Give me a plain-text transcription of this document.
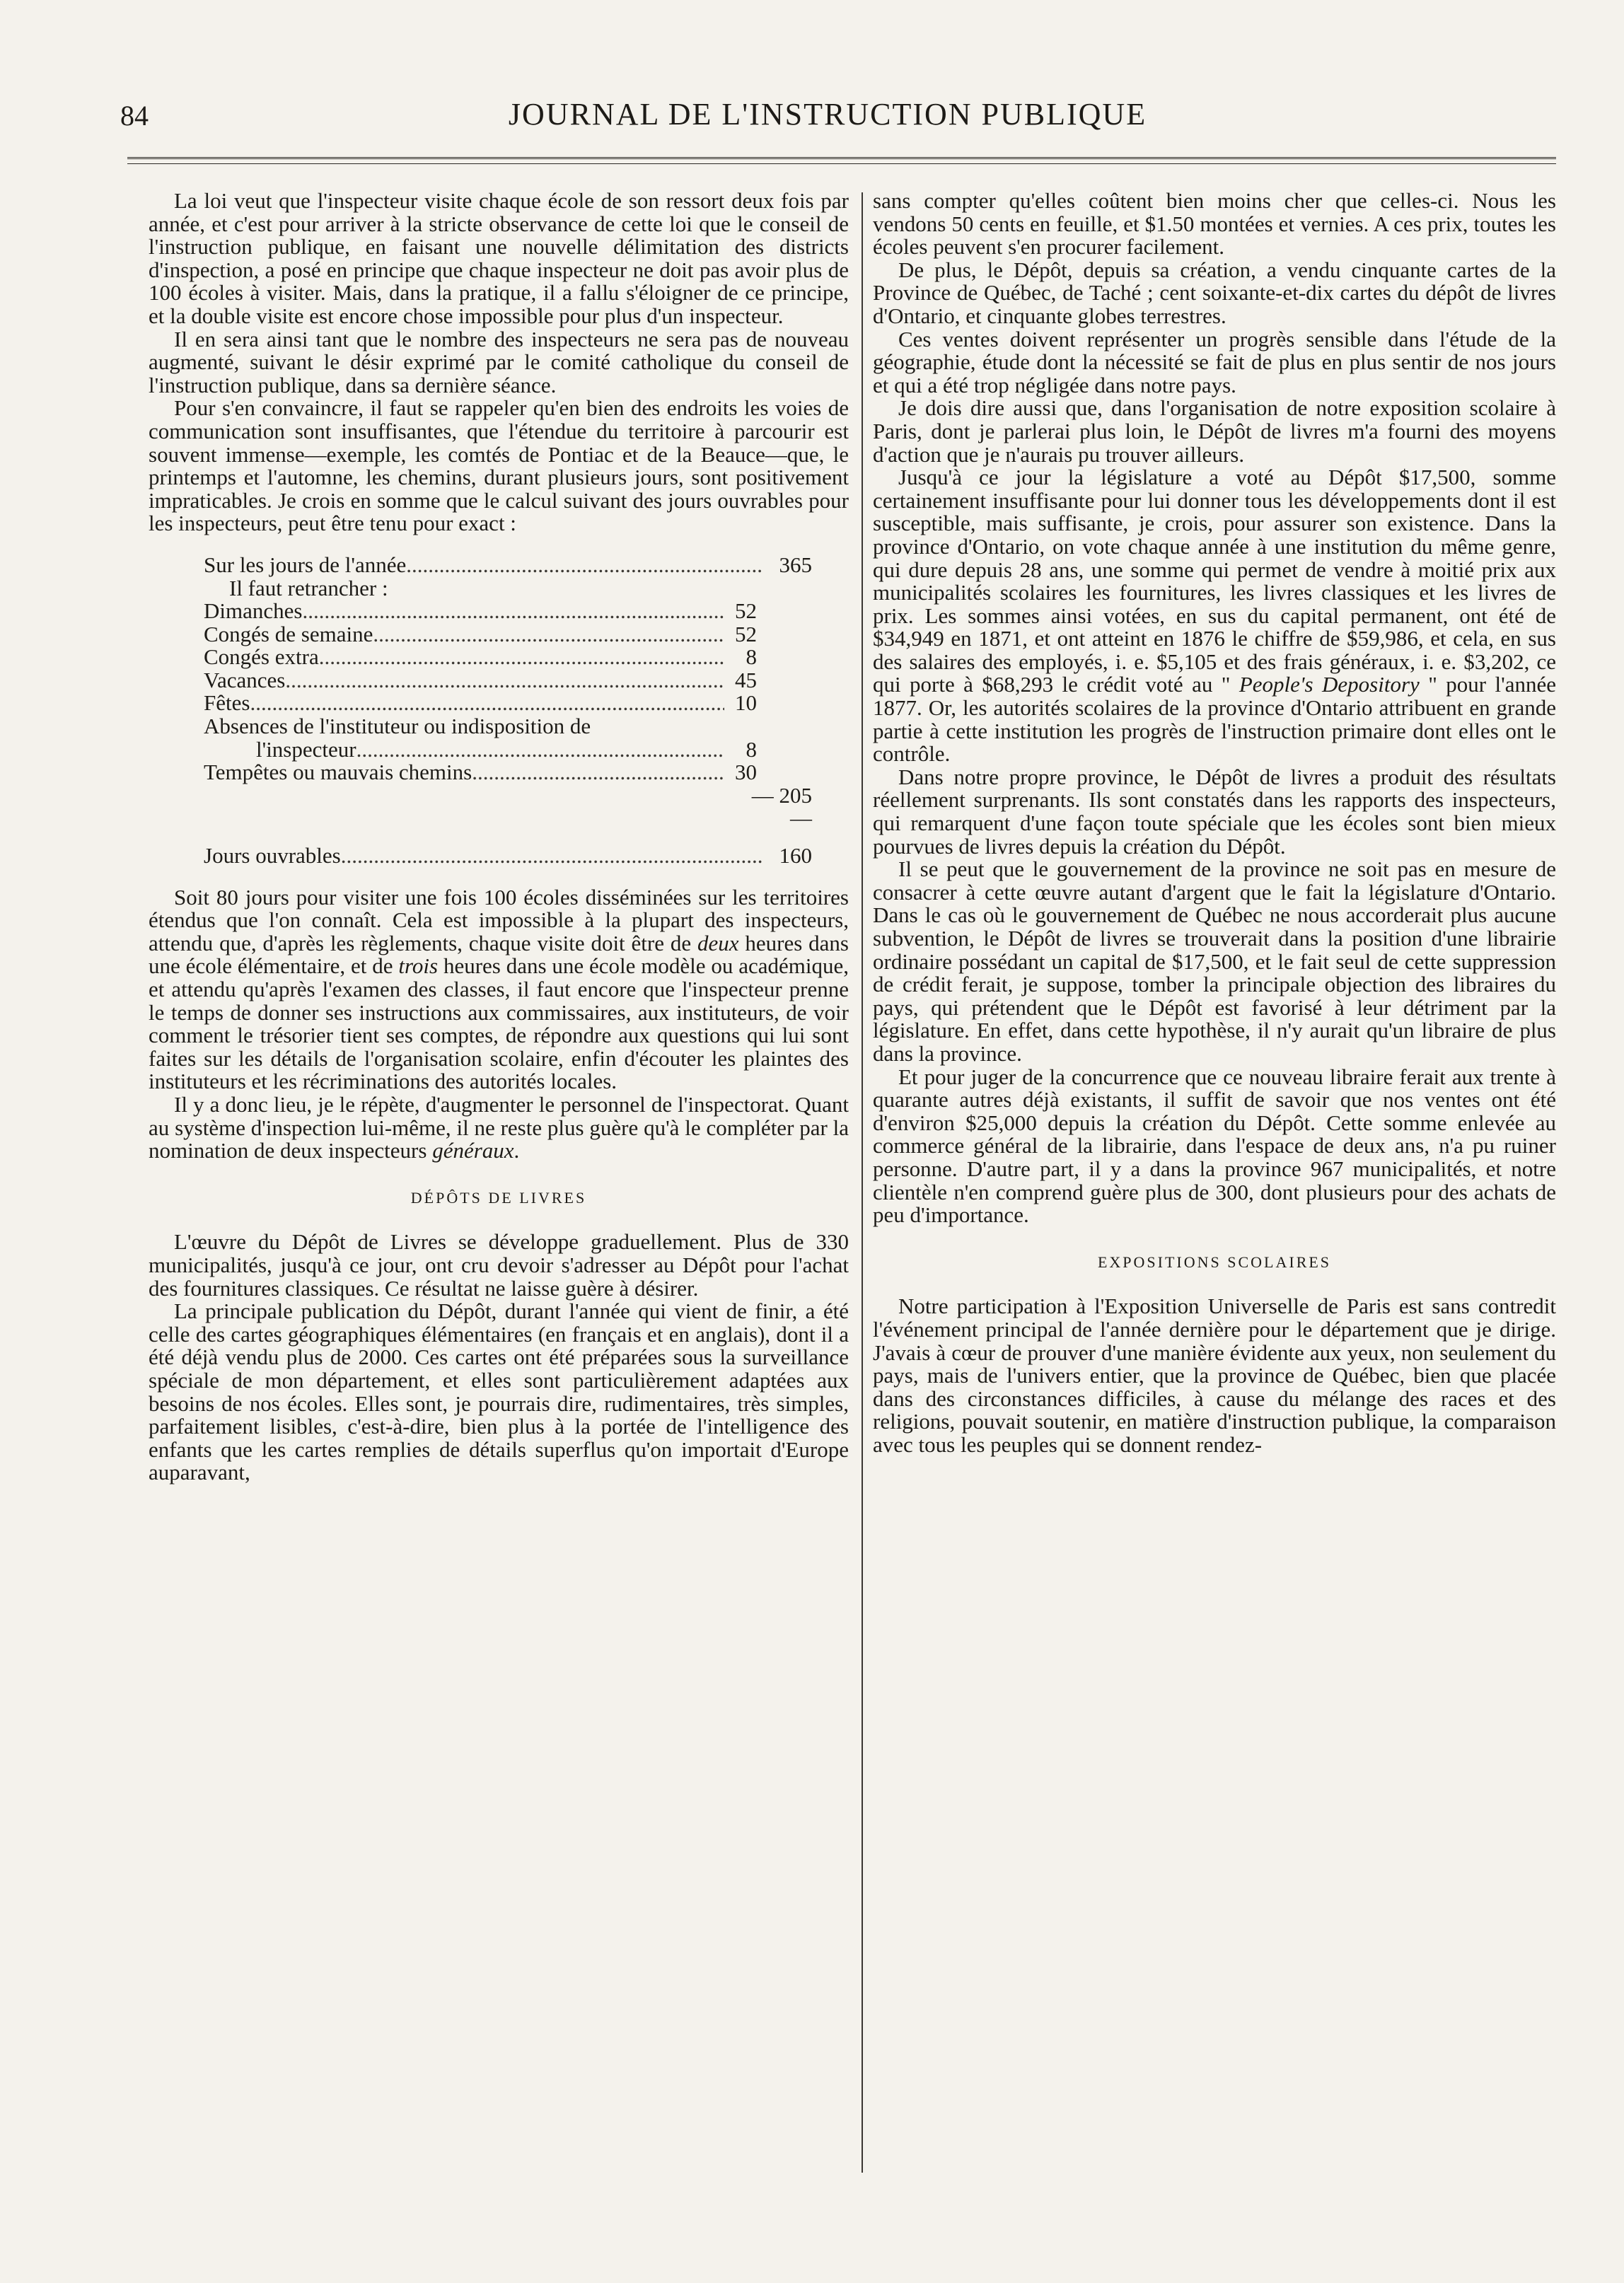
84	JOURNAL DE L'INSTRUCTION PUBLIQUE

La loi veut que l'inspecteur visite chaque école de son ressort deux fois par année, et c'est pour arriver à la stricte observance de cette loi que le conseil de l'instruction publique, en faisant une nouvelle délimitation des districts d'inspection, a posé en principe que chaque inspecteur ne doit pas avoir plus de 100 écoles à visiter. Mais, dans la pratique, il a fallu s'éloigner de ce principe, et la double visite est encore chose impossible pour plus d'un inspecteur.

Il en sera ainsi tant que le nombre des inspecteurs ne sera pas de nouveau augmenté, suivant le désir exprimé par le comité catholique du conseil de l'instruction publique, dans sa dernière séance.

Pour s'en convaincre, il faut se rappeler qu'en bien des endroits les voies de communication sont insuffisantes, que l'étendue du territoire à parcourir est souvent immense—exemple, les comtés de Pontiac et de la Beauce—que, le printemps et l'automne, les chemins, durant plusieurs jours, sont positivement impraticables. Je crois en somme que le calcul suivant des jours ouvrables pour les inspecteurs, peut être tenu pour exact :

Sur les jours de l'année .....	365
Il faut retrancher :
Dimanches .....	52
Congés de semaine .....	52
Congés extra .....	8
Vacances .....	45
Fêtes .....	10
Absences de l'instituteur ou indisposition de
l'inspecteur .....	8
Tempêtes ou mauvais chemins .....	30
— 205
—
Jours ouvrables .....	160

Soit 80 jours pour visiter une fois 100 écoles disséminées sur les territoires étendus que l'on connaît. Cela est impossible à la plupart des inspecteurs, attendu que, d'après les règlements, chaque visite doit être de deux heures dans une école élémentaire, et de trois heures dans une école modèle ou académique, et attendu qu'après l'examen des classes, il faut encore que l'inspecteur prenne le temps de donner ses instructions aux commissaires, aux instituteurs, de voir comment le trésorier tient ses comptes, de répondre aux questions qui lui sont faites sur les détails de l'organisation scolaire, enfin d'écouter les plaintes des instituteurs et les récriminations des autorités locales.

Il y a donc lieu, je le répète, d'augmenter le personnel de l'inspectorat. Quant au système d'inspection lui-même, il ne reste plus guère qu'à le compléter par la nomination de deux inspecteurs généraux.

DÉPÔTS DE LIVRES

L'œuvre du Dépôt de Livres se développe graduellement. Plus de 330 municipalités, jusqu'à ce jour, ont cru devoir s'adresser au Dépôt pour l'achat des fournitures classiques. Ce résultat ne laisse guère à désirer.

La principale publication du Dépôt, durant l'année qui vient de finir, a été celle des cartes géographiques élémentaires (en français et en anglais), dont il a été déjà vendu plus de 2000. Ces cartes ont été préparées sous la surveillance spéciale de mon département, et elles sont particulièrement adaptées aux besoins de nos écoles. Elles sont, je pourrais dire, rudimentaires, très simples, parfaitement lisibles, c'est-à-dire, bien plus à la portée de l'intelligence des enfants que les cartes remplies de détails superflus qu'on importait d'Europe auparavant,

sans compter qu'elles coûtent bien moins cher que celles-ci. Nous les vendons 50 cents en feuille, et $1.50 montées et vernies. A ces prix, toutes les écoles peuvent s'en procurer facilement.

De plus, le Dépôt, depuis sa création, a vendu cinquante cartes de la Province de Québec, de Taché ; cent soixante-et-dix cartes du dépôt de livres d'Ontario, et cinquante globes terrestres.

Ces ventes doivent représenter un progrès sensible dans l'étude de la géographie, étude dont la nécessité se fait de plus en plus sentir de nos jours et qui a été trop négligée dans notre pays.

Je dois dire aussi que, dans l'organisation de notre exposition scolaire à Paris, dont je parlerai plus loin, le Dépôt de livres m'a fourni des moyens d'action que je n'aurais pu trouver ailleurs.

Jusqu'à ce jour la législature a voté au Dépôt $17,500, somme certainement insuffisante pour lui donner tous les développements dont il est susceptible, mais suffisante, je crois, pour assurer son existence. Dans la province d'Ontario, on vote chaque année à une institution du même genre, qui dure depuis 28 ans, une somme qui permet de vendre à moitié prix aux municipalités scolaires les fournitures, les livres classiques et les livres de prix. Les sommes ainsi votées, en sus du capital permanent, ont été de $34,949 en 1871, et ont atteint en 1876 le chiffre de $59,986, et cela, en sus des salaires des employés, i. e. $5,105 et des frais généraux, i. e. $3,202, ce qui porte à $68,293 le crédit voté au " People's Depository " pour l'année 1877. Or, les autorités scolaires de la province d'Ontario attribuent en grande partie à cette institution les progrès de l'instruction primaire dont elles ont le contrôle.

Dans notre propre province, le Dépôt de livres a produit des résultats réellement surprenants. Ils sont constatés dans les rapports des inspecteurs, qui remarquent d'une façon toute spéciale que les écoles sont bien mieux pourvues de livres depuis la création du Dépôt.

Il se peut que le gouvernement de la province ne soit pas en mesure de consacrer à cette œuvre autant d'argent que le fait la législature d'Ontario. Dans le cas où le gouvernement de Québec ne nous accorderait plus aucune subvention, le Dépôt de livres se trouverait dans la position d'une librairie ordinaire possédant un capital de $17,500, et le fait seul de cette suppression de crédit ferait, je suppose, tomber la principale objection des libraires du pays, qui prétendent que le Dépôt est favorisé à leur détriment par la législature. En effet, dans cette hypothèse, il n'y aurait qu'un libraire de plus dans la province.

Et pour juger de la concurrence que ce nouveau libraire ferait aux trente à quarante autres déjà existants, il suffit de savoir que nos ventes ont été d'environ $25,000 depuis la création du Dépôt. Cette somme enlevée au commerce général de la librairie, dans l'espace de deux ans, n'a pu ruiner personne. D'autre part, il y a dans la province 967 municipalités, et notre clientèle n'en comprend guère plus de 300, dont plusieurs pour des achats de peu d'importance.

EXPOSITIONS SCOLAIRES

Notre participation à l'Exposition Universelle de Paris est sans contredit l'événement principal de l'année dernière pour le département que je dirige. J'avais à cœur de prouver d'une manière évidente aux yeux, non seulement du pays, mais de l'univers entier, que la province de Québec, bien que placée dans des circonstances difficiles, à cause du mélange des races et des religions, pouvait soutenir, en matière d'instruction publique, la comparaison avec tous les peuples qui se donnent rendez-
